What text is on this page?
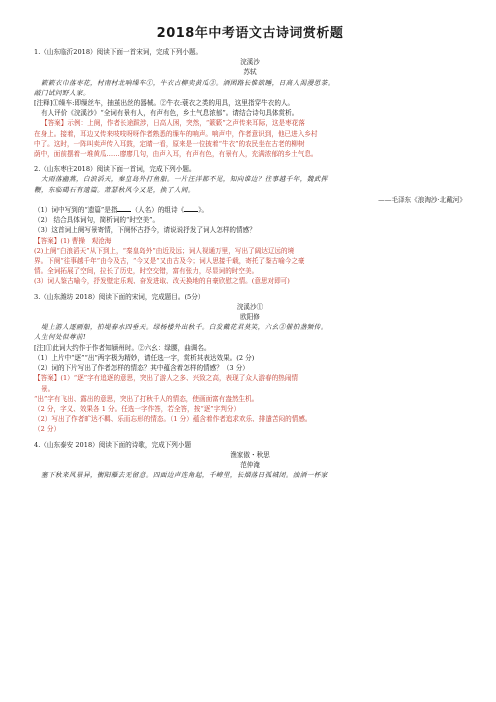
2018年中考语文古诗词赏析题

1.（山东临沂2018）阅读下面一首宋词，完成下列小题。

浣溪沙

苏轼

簌簌衣巾落枣花，村南村北响缲车①，牛衣古柳卖黄瓜②。酒困路长惟欲睡，日高人渴漫思茶。

敲门试问野人家。

[注释]①缲车:即缫丝车，抽茧出丝的器械。②牛衣:蓑衣之类的用具，这里指穿牛衣的人。

有人评价《浣溪沙》“全词有景有人，有声有色，乡土气息浓郁”。请结合诗句具体赏析。

【答案】示例：上阕，作者长途跋涉，日高人困，突然，“簌簌”之声传来耳际，这是枣花落

在身上。接着，耳边又传来吱吱呀呀作者熟悉的缫车的响声。响声中，作者意识到，他已进入乡村

中了。这时，一阵叫卖声传入耳鼓，定睛一看，原来是一位披着“牛衣”的农民坐在古老的柳树

荫中，面前摆着一堆黄瓜……廖廖几句，由声入耳，有声有色，有景有人，充满浓郁的乡土气息。

2.（山东枣庄2018）阅读下面一首词，完成下列小题。

大雨落幽燕，白浪滔天，秦皇岛外打鱼船。一片汪洋都不见，知向谁边？往事越千年，魏武挥

鞭，东临碣石有遗篇。萧瑟秋风今又是，换了人间。

——毛泽东《浪淘沙·北戴河》

（1）词中写到的“遗篇”是指 （人名）的组诗《 》。

（2） 结合具体词句，简析词的“时空美”。

（3）这首词上阕写景寄情，下阕怀古抒今，请说说抒发了词人怎样的情感？

【答案】(1) 曹操　观沧海

(2)上阕“白浪滔天”从下到上，“秦皇岛外”由近及远；词人视通万里，写出了阔达辽远的境

界。下阕“往事越千年”由今及古，“今又是”又由古及今；词人思接千载，寄托了鉴古喻今之豪

情。全词拓展了空间，拉长了历史，时空交错，富有张力，尽显词的时空美。

(3）词人鉴古喻今，抒发壁定乐观、奋发进取、改天换地的自豪欣慰之情。(意思对即可)

3.（山东潍坊 2018）阅读下面的宋词，完成题目。(5分）

浣溪沙①

欧阳修

堤上游人逐画船，拍堤春水四垂天。绿杨楼外出秋千。白发戴花君莫笑，六幺②催拍盏频传。

人生何处似尊前!

[注]①此词大约作于作者知颍州时。②六幺：绿腰，曲调名。

（1）上片中“逐”“出”两字极为精妙，请任选一字，赏析其表达效果。(2 分)

（2）词的下片写出了作者怎样的情态？其中蕴含着怎样的情感？（3 分）

【答案】(1）“逐”字有追逐的意思，突出了游人之多、兴致之高，表现了众人游春的热闹情

景。

“出”字有飞出、露出的意思，突出了打秋千人的情态，使画面富有盎然生机。

（2 分，字义、效果各 1 分。任选一字作答，若全答，按“逐”字判分）

（2）写出了作者旷达不羁、乐而忘形的情态。（1 分）蕴含着作者追求欢乐、排遣苦闷的情感。

（2 分）

4.（山东泰安 2018）阅读下面的诗歌，完成下列小题

渔家傲・秋思

范仲淹

塞下秋来风景异，衡阳雁去无留意。四面边声连角起，千嶂里，长烟落日孤城闭。浊酒一杯家
